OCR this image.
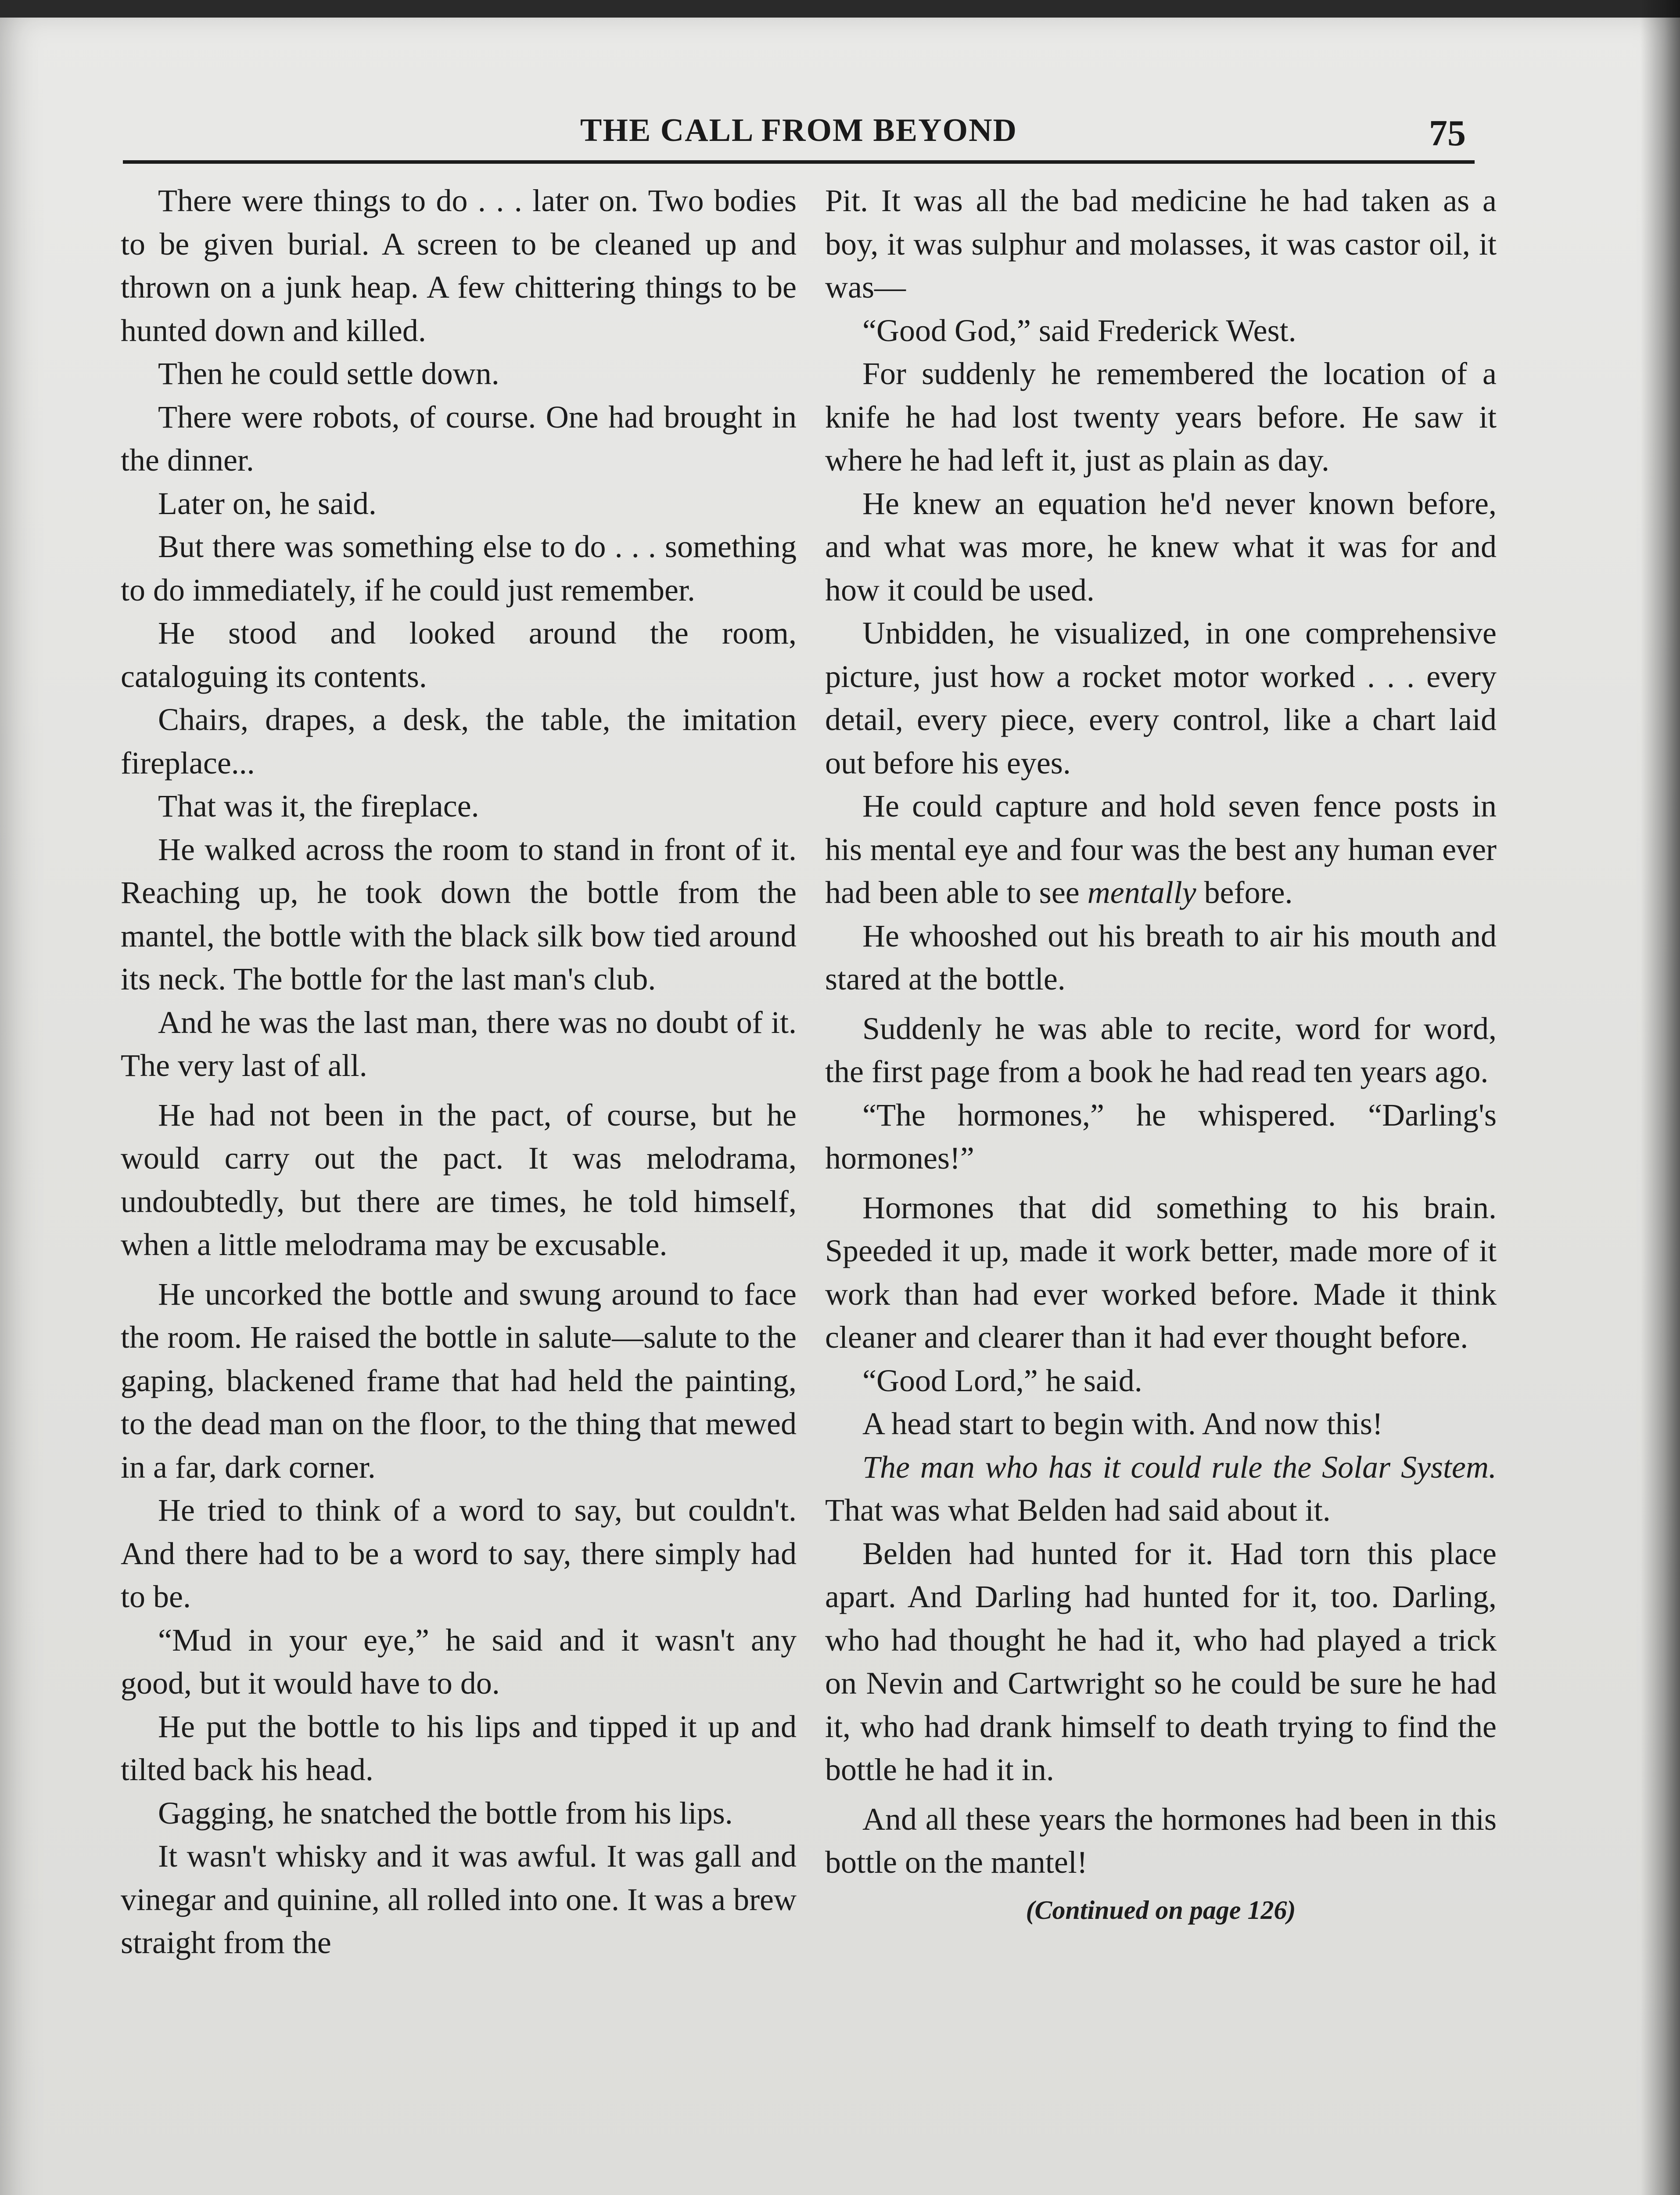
THE CALL FROM BEYOND	75

There were things to do . . . later on. Two bodies to be given burial. A screen to be cleaned up and thrown on a junk heap. A few chittering things to be hunted down and killed.

Then he could settle down.

There were robots, of course. One had brought in the dinner.

Later on, he said.

But there was something else to do . . . something to do immediately, if he could just remember.

He stood and looked around the room, cataloguing its contents.

Chairs, drapes, a desk, the table, the imitation fireplace...

That was it, the fireplace.

He walked across the room to stand in front of it. Reaching up, he took down the bottle from the mantel, the bottle with the black silk bow tied around its neck. The bottle for the last man's club.

And he was the last man, there was no doubt of it. The very last of all.

He had not been in the pact, of course, but he would carry out the pact. It was melodrama, undoubtedly, but there are times, he told himself, when a little melodrama may be excusable.

He uncorked the bottle and swung around to face the room. He raised the bottle in salute—salute to the gaping, blackened frame that had held the painting, to the dead man on the floor, to the thing that mewed in a far, dark corner.

He tried to think of a word to say, but couldn't. And there had to be a word to say, there simply had to be.

“Mud in your eye,” he said and it wasn't any good, but it would have to do.

He put the bottle to his lips and tipped it up and tilted back his head.

Gagging, he snatched the bottle from his lips.

It wasn't whisky and it was awful. It was gall and vinegar and quinine, all rolled into one. It was a brew straight from the

Pit. It was all the bad medicine he had taken as a boy, it was sulphur and molasses, it was castor oil, it was—

“Good God,” said Frederick West.

For suddenly he remembered the location of a knife he had lost twenty years before. He saw it where he had left it, just as plain as day.

He knew an equation he'd never known before, and what was more, he knew what it was for and how it could be used.

Unbidden, he visualized, in one comprehensive picture, just how a rocket motor worked . . . every detail, every piece, every control, like a chart laid out before his eyes.

He could capture and hold seven fence posts in his mental eye and four was the best any human ever had been able to see mentally before.

He whooshed out his breath to air his mouth and stared at the bottle.

Suddenly he was able to recite, word for word, the first page from a book he had read ten years ago.

“The hormones,” he whispered. “Darling's hormones!”

Hormones that did something to his brain. Speeded it up, made it work better, made more of it work than had ever worked before. Made it think cleaner and clearer than it had ever thought before.

“Good Lord,” he said.

A head start to begin with. And now this!

The man who has it could rule the Solar System. That was what Belden had said about it.

Belden had hunted for it. Had torn this place apart. And Darling had hunted for it, too. Darling, who had thought he had it, who had played a trick on Nevin and Cartwright so he could be sure he had it, who had drank himself to death trying to find the bottle he had it in.

And all these years the hormones had been in this bottle on the mantel!

(Continued on page 126)
